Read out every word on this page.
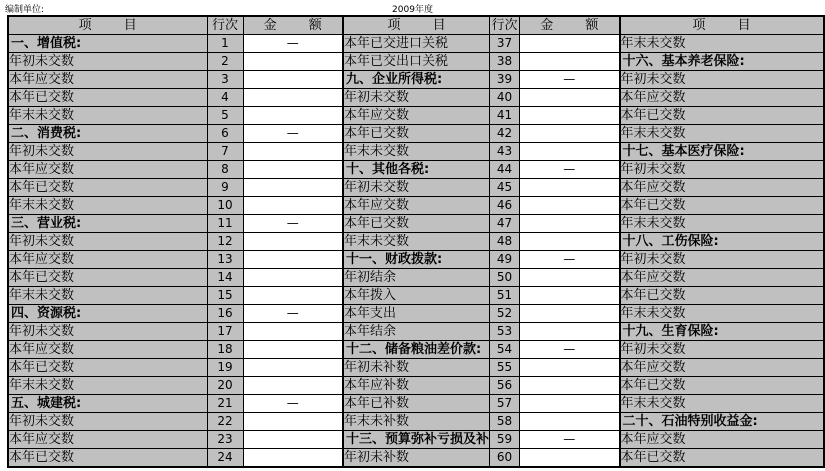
编制单位:	2009年度
项 目	行次	金 额	项 目	行次	金 额	项 目
一、增值税:	1	—	本年已交进口关税	37		年末未交数
年初未交数	2		本年已交出口关税	38		十六、基本养老保险:
本年应交数	3		九、企业所得税:	39	—	年初未交数
本年已交数	4		年初未交数	40		本年应交数
年末未交数	5		本年应交数	41		本年已交数
二、消费税:	6	—	本年已交数	42		年末未交数
年初未交数	7		年末未交数	43		十七、基本医疗保险:
本年应交数	8		十、其他各税:	44	—	年初未交数
本年已交数	9		年初未交数	45		本年应交数
年末未交数	10		本年应交数	46		本年已交数
三、营业税:	11	—	本年已交数	47		年末未交数
年初未交数	12		年末未交数	48		十八、工伤保险:
本年应交数	13		十一、财政拨款:	49	—	年初未交数
本年已交数	14		年初结余	50		本年应交数
年末未交数	15		本年拨入	51		本年已交数
四、资源税:	16	—	本年支出	52		年末未交数
年初未交数	17		本年结余	53		十九、生育保险:
本年应交数	18		十二、储备粮油差价款:	54	—	年初未交数
本年已交数	19		年初未补数	55		本年应交数
年末未交数	20		本年应补数	56		本年已交数
五、城建税:	21	—	本年已补数	57		年末未交数
年初未交数	22		年末未补数	58		二十、石油特别收益金:
本年应交数	23		十三、预算弥补亏损及补	59	—	本年应交数
本年已交数	24		年初未补数	60		本年已交数
